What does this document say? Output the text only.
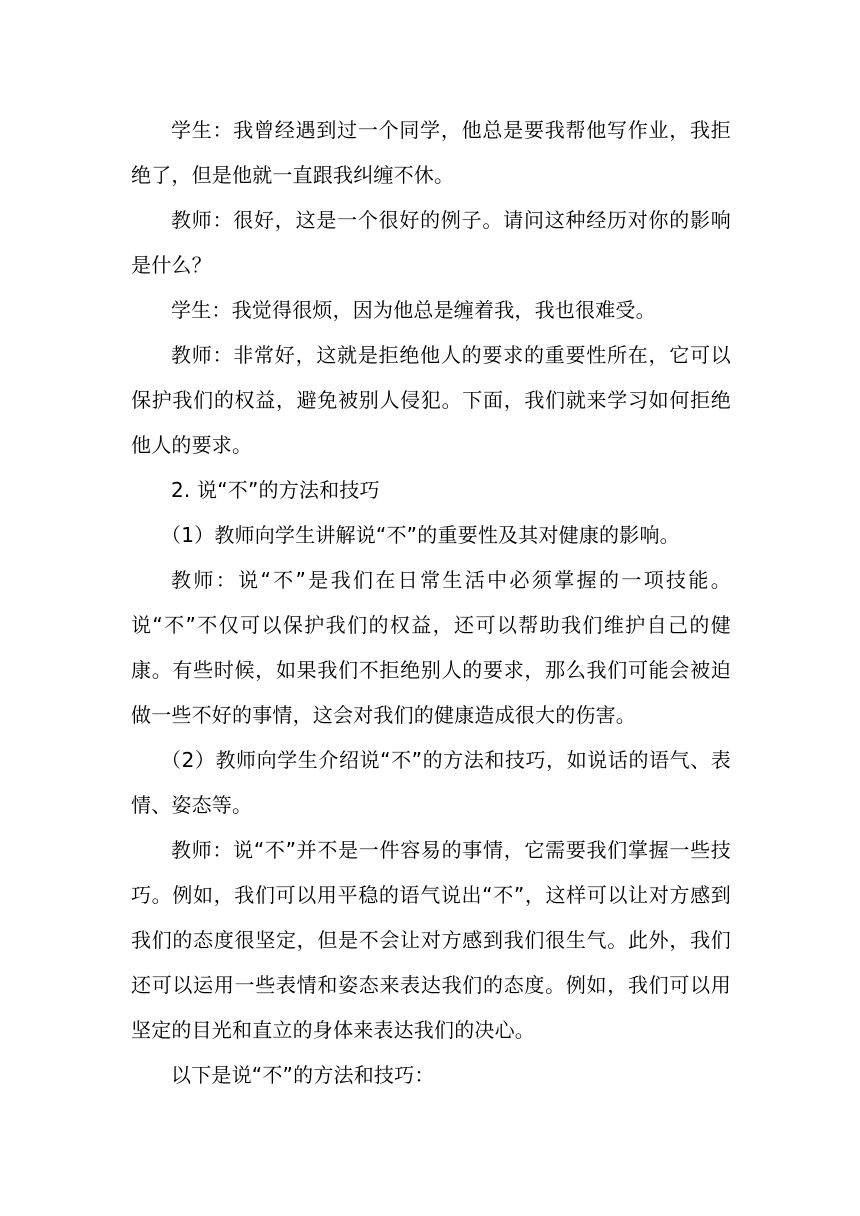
学生：我曾经遇到过一个同学，他总是要我帮他写作业，我拒绝了，但是他就一直跟我纠缠不休。

教师：很好，这是一个很好的例子。请问这种经历对你的影响是什么？

学生：我觉得很烦，因为他总是缠着我，我也很难受。

教师：非常好，这就是拒绝他人的要求的重要性所在，它可以保护我们的权益，避免被别人侵犯。下面，我们就来学习如何拒绝他人的要求。

2. 说“不”的方法和技巧

（1）教师向学生讲解说“不”的重要性及其对健康的影响。

教师：说“不”是我们在日常生活中必须掌握的一项技能。说“不”不仅可以保护我们的权益，还可以帮助我们维护自己的健康。有些时候，如果我们不拒绝别人的要求，那么我们可能会被迫做一些不好的事情，这会对我们的健康造成很大的伤害。

（2）教师向学生介绍说“不”的方法和技巧，如说话的语气、表情、姿态等。

教师：说“不”并不是一件容易的事情，它需要我们掌握一些技巧。例如，我们可以用平稳的语气说出“不”，这样可以让对方感到我们的态度很坚定，但是不会让对方感到我们很生气。此外，我们还可以运用一些表情和姿态来表达我们的态度。例如，我们可以用坚定的目光和直立的身体来表达我们的决心。

以下是说“不”的方法和技巧：
